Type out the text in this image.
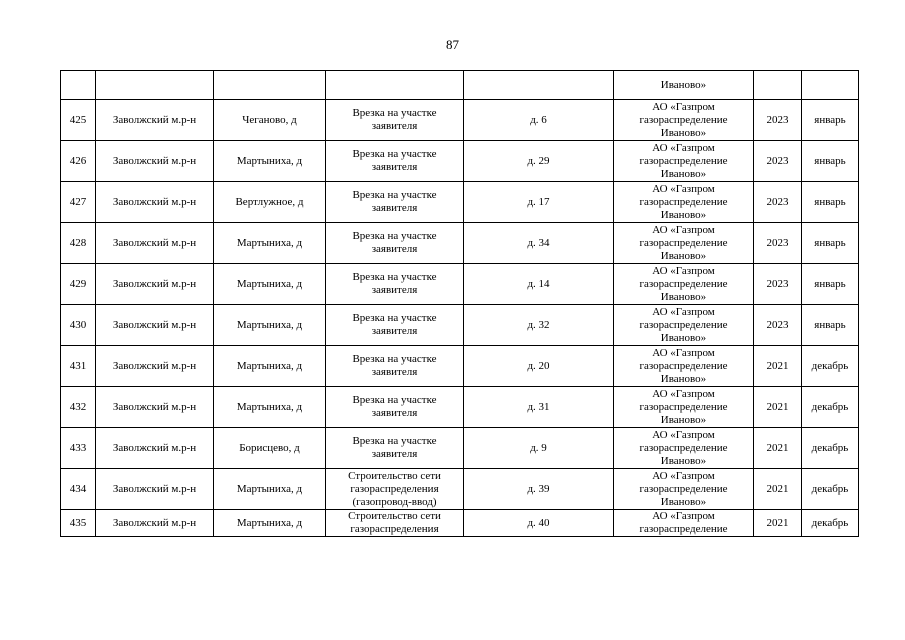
87
					Иваново»		
425	Заволжский м.р-н	Чеганово, д	Врезка на участке
заявителя	д. 6	АО «Газпром
газораспределение
Иваново»	2023	январь
426	Заволжский м.р-н	Мартыниха, д	Врезка на участке
заявителя	д. 29	АО «Газпром
газораспределение
Иваново»	2023	январь
427	Заволжский м.р-н	Вертлужное, д	Врезка на участке
заявителя	д. 17	АО «Газпром
газораспределение
Иваново»	2023	январь
428	Заволжский м.р-н	Мартыниха, д	Врезка на участке
заявителя	д. 34	АО «Газпром
газораспределение
Иваново»	2023	январь
429	Заволжский м.р-н	Мартыниха, д	Врезка на участке
заявителя	д. 14	АО «Газпром
газораспределение
Иваново»	2023	январь
430	Заволжский м.р-н	Мартыниха, д	Врезка на участке
заявителя	д. 32	АО «Газпром
газораспределение
Иваново»	2023	январь
431	Заволжский м.р-н	Мартыниха, д	Врезка на участке
заявителя	д. 20	АО «Газпром
газораспределение
Иваново»	2021	декабрь
432	Заволжский м.р-н	Мартыниха, д	Врезка на участке
заявителя	д. 31	АО «Газпром
газораспределение
Иваново»	2021	декабрь
433	Заволжский м.р-н	Борисцево, д	Врезка на участке
заявителя	д. 9	АО «Газпром
газораспределение
Иваново»	2021	декабрь
434	Заволжский м.р-н	Мартыниха, д	Строительство сети
газораспределения
(газопровод-ввод)	д. 39	АО «Газпром
газораспределение
Иваново»	2021	декабрь
435	Заволжский м.р-н	Мартыниха, д	Строительство сети
газораспределения	д. 40	АО «Газпром
газораспределение	2021	декабрь
